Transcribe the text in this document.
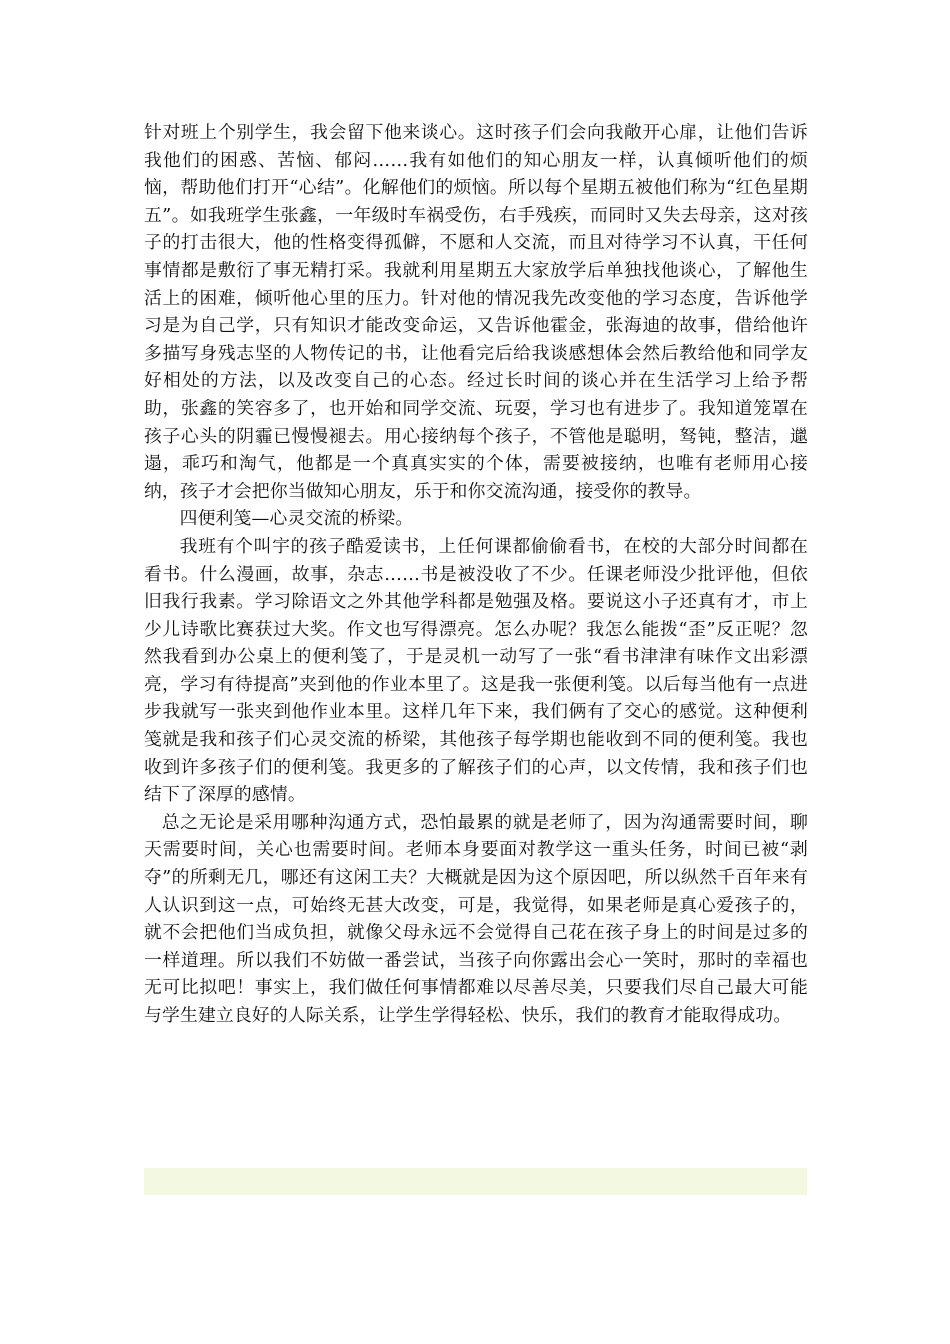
针对班上个别学生，我会留下他来谈心。这时孩子们会向我敞开心扉，让他们告诉我他们的困惑、苦恼、郁闷……我有如他们的知心朋友一样，认真倾听他们的烦恼，帮助他们打开“心结”。化解他们的烦恼。所以每个星期五被他们称为“红色星期五”。如我班学生张鑫，一年级时车祸受伤，右手残疾，而同时又失去母亲，这对孩子的打击很大，他的性格变得孤僻，不愿和人交流，而且对待学习不认真，干任何事情都是敷衍了事无精打采。我就利用星期五大家放学后单独找他谈心，了解他生活上的困难，倾听他心里的压力。针对他的情况我先改变他的学习态度，告诉他学习是为自己学，只有知识才能改变命运，又告诉他霍金，张海迪的故事，借给他许多描写身残志坚的人物传记的书，让他看完后给我谈感想体会然后教给他和同学友好相处的方法，以及改变自己的心态。经过长时间的谈心并在生活学习上给予帮助，张鑫的笑容多了，也开始和同学交流、玩耍，学习也有进步了。我知道笼罩在孩子心头的阴霾已慢慢褪去。用心接纳每个孩子，不管他是聪明，驽钝，整洁，邋遢，乖巧和淘气，他都是一个真真实实的个体，需要被接纳，也唯有老师用心接纳，孩子才会把你当做知心朋友，乐于和你交流沟通，接受你的教导。

四便利笺—心灵交流的桥梁。

我班有个叫宇的孩子酷爱读书，上任何课都偷偷看书，在校的大部分时间都在看书。什么漫画，故事，杂志……书是被没收了不少。任课老师没少批评他，但依旧我行我素。学习除语文之外其他学科都是勉强及格。要说这小子还真有才，市上少儿诗歌比赛获过大奖。作文也写得漂亮。怎么办呢？我怎么能拨“歪”反正呢？忽然我看到办公桌上的便利笺了，于是灵机一动写了一张“看书津津有味作文出彩漂亮，学习有待提高”夹到他的作业本里了。这是我一张便利笺。以后每当他有一点进步我就写一张夹到他作业本里。这样几年下来，我们俩有了交心的感觉。这种便利笺就是我和孩子们心灵交流的桥梁，其他孩子每学期也能收到不同的便利笺。我也收到许多孩子们的便利笺。我更多的了解孩子们的心声，以文传情，我和孩子们也结下了深厚的感情。

总之无论是采用哪种沟通方式，恐怕最累的就是老师了，因为沟通需要时间，聊 天需要时间，关心也需要时间。老师本身要面对教学这一重头任务，时间已被“剥夺”的所剩无几，哪还有这闲工夫？大概就是因为这个原因吧，所以纵然千百年来有人认识到这一点，可始终无甚大改变，可是，我觉得，如果老师是真心爱孩子的，就不会把他们当成负担，就像父母永远不会觉得自己花在孩子身上的时间是过多的一样道理。所以我们不妨做一番尝试，当孩子向你露出会心一笑时，那时的幸福也无可比拟吧！事实上，我们做任何事情都难以尽善尽美，只要我们尽自己最大可能与学生建立良好的人际关系，让学生学得轻松、快乐，我们的教育才能取得成功。
